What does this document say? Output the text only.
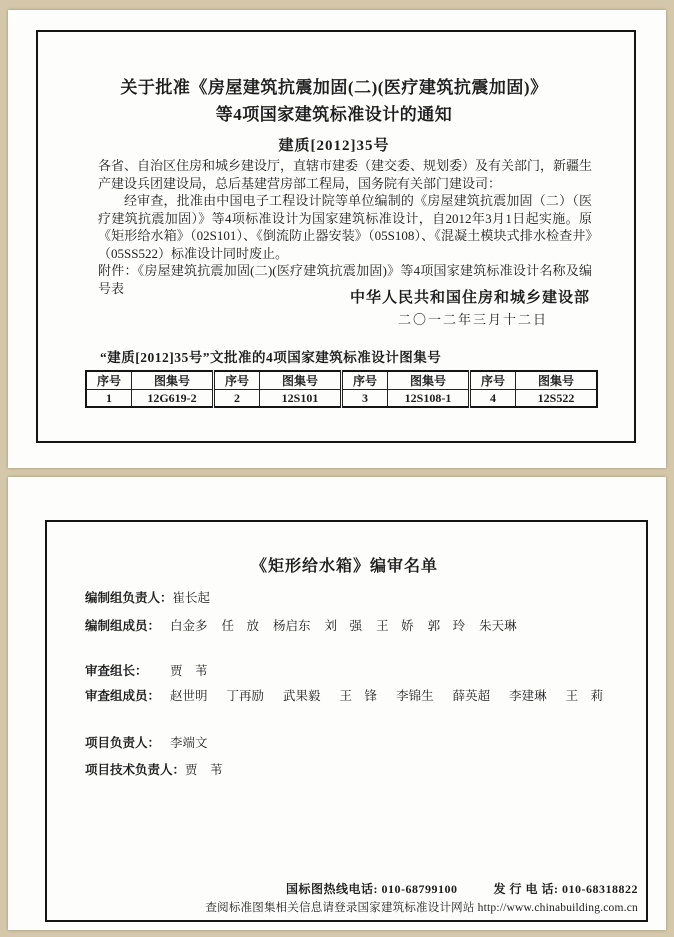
关于批准《房屋建筑抗震加固(二)(医疗建筑抗震加固)》
等4项国家建筑标准设计的通知
建质[2012]35号

各省、自治区住房和城乡建设厅，直辖市建委（建交委、规划委）及有关部门，新疆生产建设兵团建设局，总后基建营房部工程局，国务院有关部门建设司：

经审查，批准由中国电子工程设计院等单位编制的《房屋建筑抗震加固（二）（医疗建筑抗震加固）》等4项标准设计为国家建筑标准设计，自2012年3月1日起实施。原《矩形给水箱》（02S101）、《倒流防止器安装》（05S108）、《混凝土模块式排水检查井》（05SS522）标准设计同时废止。

附件：《房屋建筑抗震加固(二)(医疗建筑抗震加固)》等4项国家建筑标准设计名称及编号表

中华人民共和国住房和城乡建设部
二〇一二年三月十二日
“建质[2012]35号”文批准的4项国家建筑标准设计图集号
序号	图集号	序号	图集号	序号	图集号	序号	图集号
1	12G619-2	2	12S101	3	12S108-1	4	12S522
《矩形给水箱》编审名单
编制组负责人： 崔长起
编制组成员： 白金多 任　放 杨启东 刘　强 王　娇 郭　玲 朱天琳
审查组长：	贾　苇
审查组成员： 赵世明 丁再励 武果毅 王　锋 李锦生 薛英超 李建琳 王　莉
项目负责人： 李端文
项目技术负责人： 贾　苇
国标图热线电话: 010-68799100	发 行 电 话: 010-68318822
查阅标准图集相关信息请登录国家建筑标准设计网站 http://www.chinabuilding.com.cn
